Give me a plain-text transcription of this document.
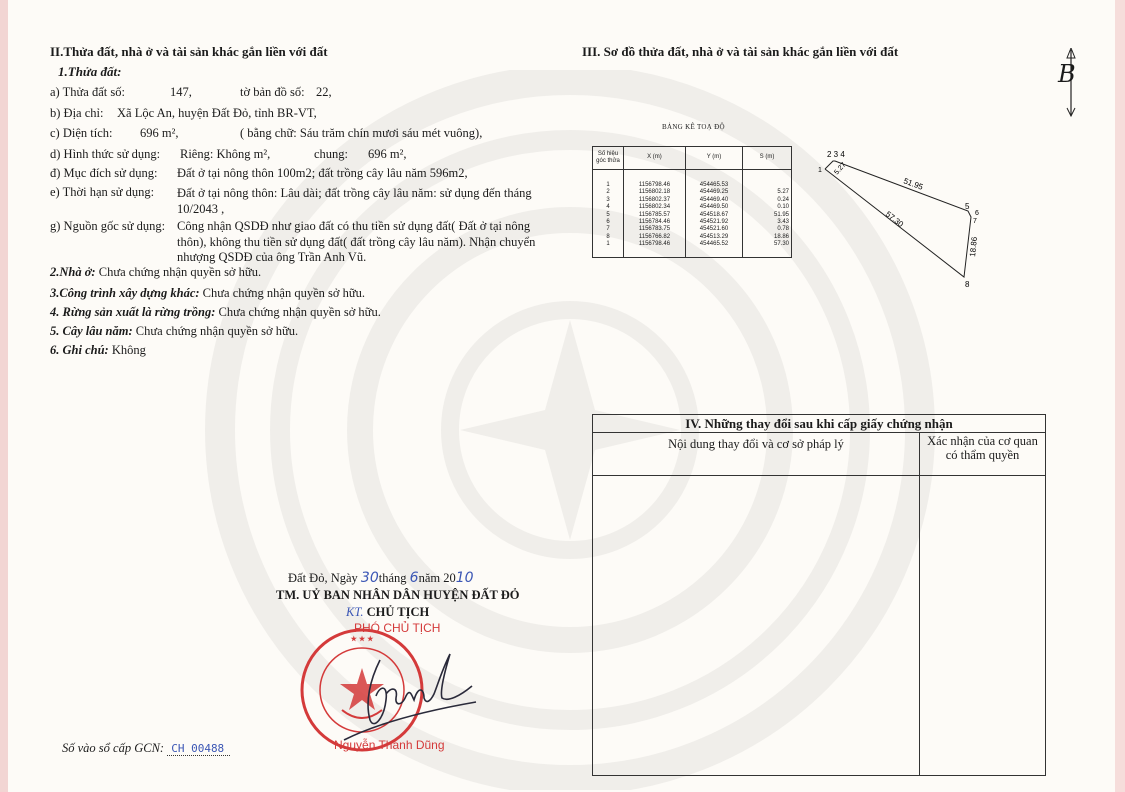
II.Thửa đất, nhà ở và tài sản khác gắn liền với đất
1.Thửa đất:
a) Thửa đất số:	147,	tờ bản đồ số: 22,
b) Địa chỉ: Xã Lộc An, huyện Đất Đỏ, tỉnh BR-VT,
c) Diện tích: 696 m²,	( bằng chữ: Sáu trăm chín mươi sáu mét vuông),
d) Hình thức sử dụng: Riêng: Không m²,	chung: 696 m²,
đ) Mục đích sử dụng: Đất ở tại nông thôn 100m2; đất trồng cây lâu năm 596m2,
e) Thời hạn sử dụng: Đất ở tại nông thôn: Lâu dài; đất trồng cây lâu năm: sử dụng đến tháng 10/2043 ,
g) Nguồn gốc sử dụng: Công nhận QSDĐ như giao đất có thu tiền sử dụng đất( Đất ở tại nông thôn), không thu tiền sử dụng đất( đất trồng cây lâu năm). Nhận chuyển nhượng QSDĐ của ông Trần Anh Vũ.
2.Nhà ở: Chưa chứng nhận quyền sở hữu.
3.Công trình xây dựng khác: Chưa chứng nhận quyền sở hữu.
4. Rừng sản xuất là rừng trồng: Chưa chứng nhận quyền sở hữu.
5. Cây lâu năm: Chưa chứng nhận quyền sở hữu.
6. Ghi chú: Không
III. Sơ đồ thửa đất, nhà ở và tài sản khác gắn liền với đất
B
BẢNG KÊ TOẠ ĐỘ
Số hiệu góc thửa	X (m)	Y (m)	S (m)
1	1156798.46	454465.53	
2	1156802.18	454469.25	5.27
3	1156802.37	454469.40	0.24
4	1156802.34	454469.50	0.10
5	1156785.57	454518.67	51.95
6	1156784.46	454521.92	3.43
7	1156783.75	454521.60	0.78
8	1156766.82	454513.29	18.86
1	1156798.46	454465.52	57.30
2 3 4
1
5
6
7
8
5.27
51.95
57.30
18.86
IV. Những thay đổi sau khi cấp giấy chứng nhận
Nội dung thay đổi và cơ sở pháp lý	Xác nhận của cơ quan có thẩm quyền
Đất Đỏ, Ngày 30tháng 6năm 2010
TM. UỶ BAN NHÂN DÂN HUYỆN ĐẤT ĐỎ
KT. CHỦ TỊCH
PHÓ CHỦ TỊCH
★ ★ ★
Nguyễn Thanh Dũng
Số vào sổ cấp GCN: CH 00488
